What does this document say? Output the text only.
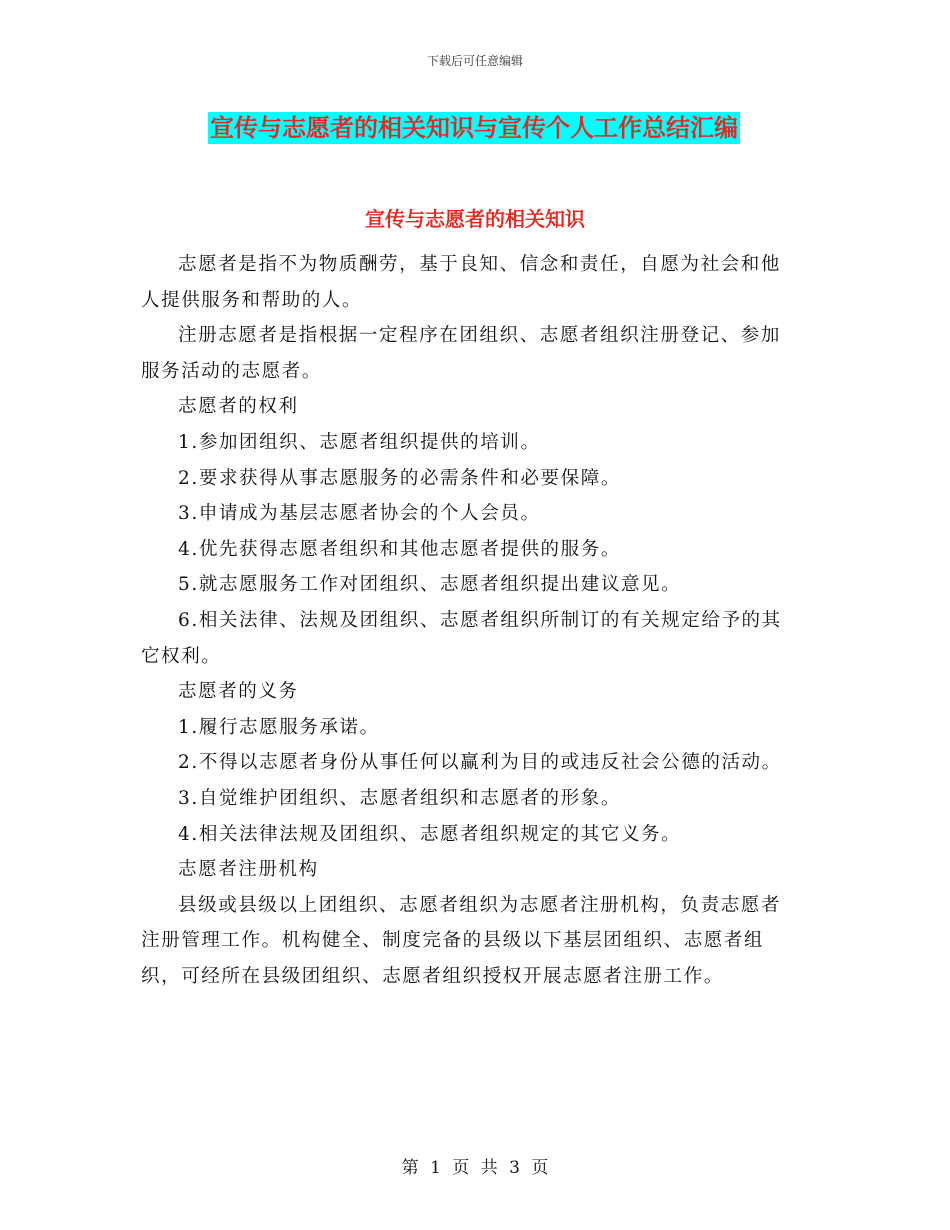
下载后可任意编辑
宣传与志愿者的相关知识与宣传个人工作总结汇编
宣传与志愿者的相关知识

志愿者是指不为物质酬劳，基于良知、信念和责任，自愿为社会和他人提供服务和帮助的人。

注册志愿者是指根据一定程序在团组织、志愿者组织注册登记、参加服务活动的志愿者。

志愿者的权利

1.参加团组织、志愿者组织提供的培训。

2.要求获得从事志愿服务的必需条件和必要保障。

3.申请成为基层志愿者协会的个人会员。

4.优先获得志愿者组织和其他志愿者提供的服务。

5.就志愿服务工作对团组织、志愿者组织提出建议意见。

6.相关法律、法规及团组织、志愿者组织所制订的有关规定给予的其它权利。

志愿者的义务

1.履行志愿服务承诺。

2.不得以志愿者身份从事任何以赢利为目的或违反社会公德的活动。

3.自觉维护团组织、志愿者组织和志愿者的形象。

4.相关法律法规及团组织、志愿者组织规定的其它义务。

志愿者注册机构

县级或县级以上团组织、志愿者组织为志愿者注册机构，负责志愿者注册管理工作。机构健全、制度完备的县级以下基层团组织、志愿者组织，可经所在县级团组织、志愿者组织授权开展志愿者注册工作。

第 1 页 共 3 页
